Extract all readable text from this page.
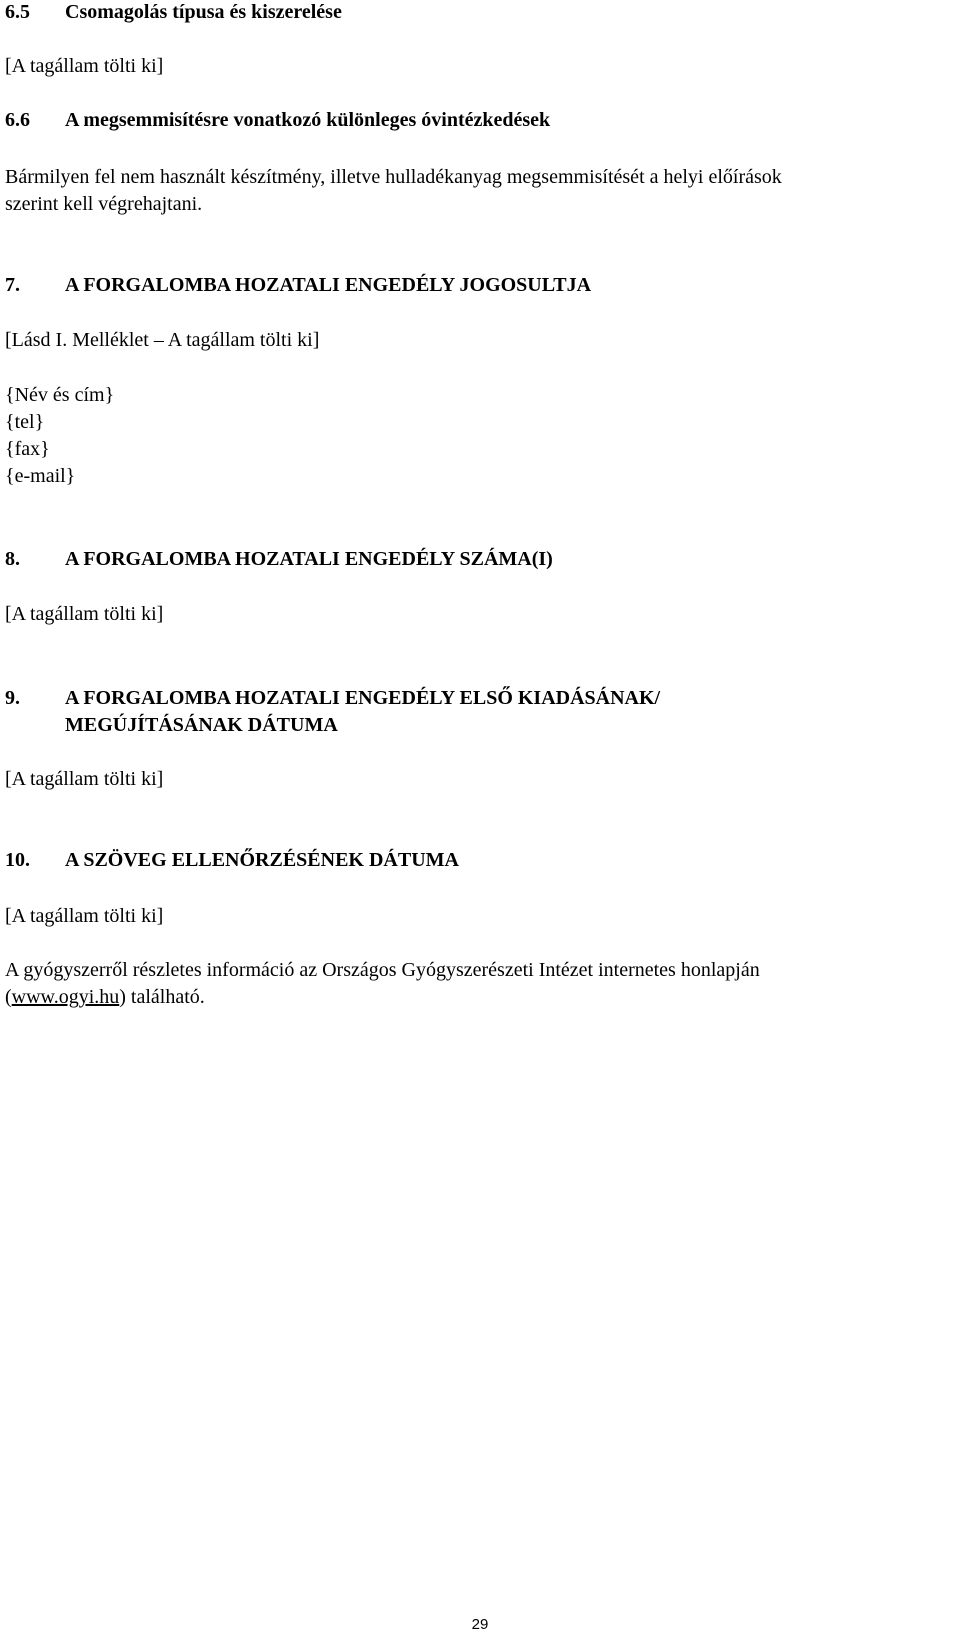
6.5 Csomagolás típusa és kiszerelése
[A tagállam tölti ki]
6.6 A megsemmisítésre vonatkozó különleges óvintézkedések
Bármilyen fel nem használt készítmény, illetve hulladékanyag megsemmisítését a helyi előírások
szerint kell végrehajtani.
7. A FORGALOMBA HOZATALI ENGEDÉLY JOGOSULTJA
[Lásd I. Melléklet – A tagállam tölti ki]
{Név és cím}
{tel}
{fax}
{e-mail}
8. A FORGALOMBA HOZATALI ENGEDÉLY SZÁMA(I)
[A tagállam tölti ki]
9. A FORGALOMBA HOZATALI ENGEDÉLY ELSŐ KIADÁSÁNAK/
MEGÚJÍTÁSÁNAK DÁTUMA
[A tagállam tölti ki]
10. A SZÖVEG ELLENŐRZÉSÉNEK DÁTUMA
[A tagállam tölti ki]
A gyógyszerről részletes információ az Országos Gyógyszerészeti Intézet internetes honlapján
(www.ogyi.hu) található.
29
